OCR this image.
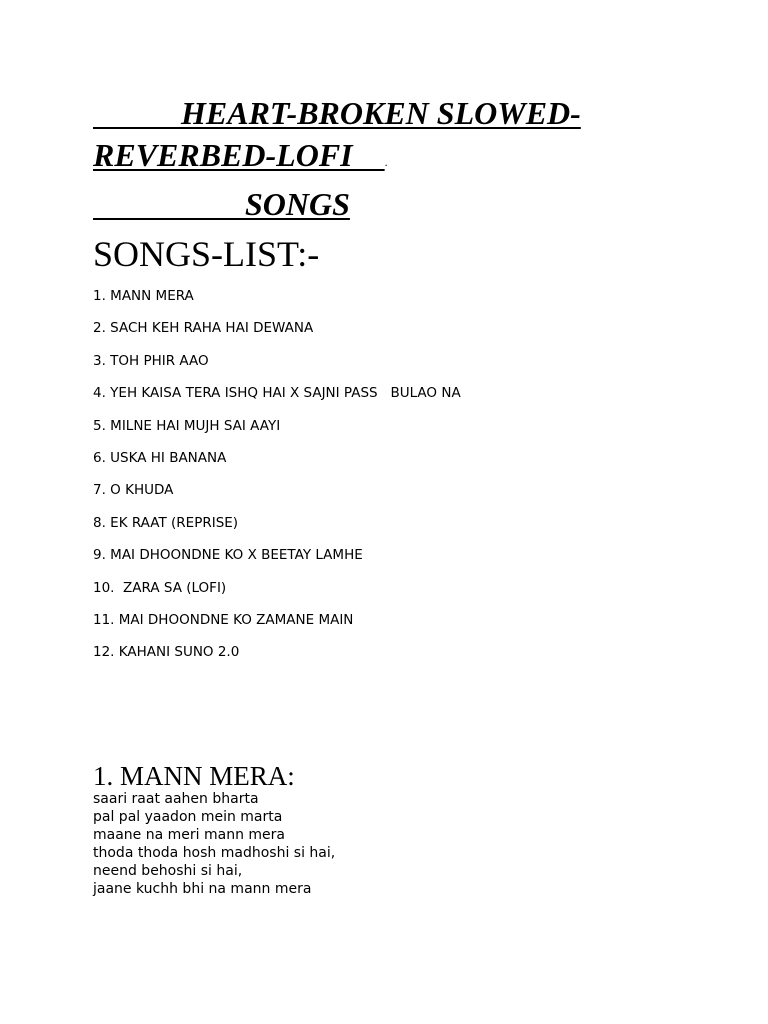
HEART-BROKEN SLOWED-
REVERBED-LOFI    .
SONGS
SONGS-LIST:-
1. MANN MERA
2. SACH KEH RAHA HAI DEWANA
3. TOH PHIR AAO
4. YEH KAISA TERA ISHQ HAI X SAJNI PASS   BULAO NA
5. MILNE HAI MUJH SAI AAYI
6. USKA HI BANANA
7. O KHUDA
8. EK RAAT (REPRISE)
9. MAI DHOONDNE KO X BEETAY LAMHE
10.  ZARA SA (LOFI)
11. MAI DHOONDNE KO ZAMANE MAIN
12. KAHANI SUNO 2.0
1. MANN MERA:
saari raat aahen bharta
pal pal yaadon mein marta
maane na meri mann mera
thoda thoda hosh madhoshi si hai,
neend behoshi si hai,
jaane kuchh bhi na mann mera
